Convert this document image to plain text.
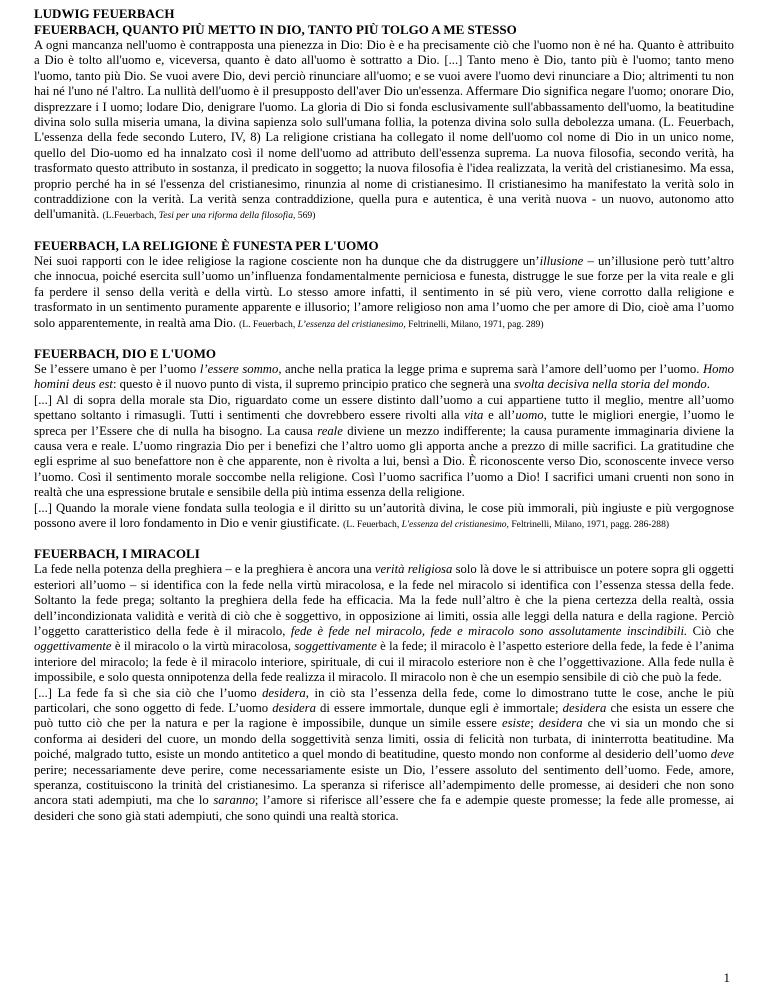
LUDWIG FEUERBACH
FEUERBACH, QUANTO PIÙ METTO IN DIO, TANTO PIÙ TOLGO A ME STESSO

A ogni mancanza nell'uomo è contrapposta una pienezza in Dio: Dio è e ha precisamente ciò che l'uomo non è né ha. Quanto è attribuito a Dio è tolto all'uomo e, viceversa, quanto è dato all'uomo è sottratto a Dio. [...] Tanto meno è Dio, tanto più è l'uomo; tanto meno l'uomo, tanto più Dio. Se vuoi avere Dio, devi perciò rinunciare all'uomo; e se vuoi avere l'uomo devi rinunciare a Dio; altrimenti tu non hai né l'uno né l'altro. La nullità dell'uomo è il presupposto dell'aver Dio un'essenza. Affermare Dio significa negare l'uomo; onorare Dio, disprezzare i I uomo; lodare Dio, denigrare l'uomo. La gloria di Dio si fonda esclusivamente sull'abbassamento dell'uomo, la beatitudine divina solo sulla miseria umana, la divina sapienza solo sull'umana follia, la potenza divina solo sulla debolezza umana. (L. Feuerbach, L'essenza della fede secondo Lutero, IV, 8) La religione cristiana ha collegato il nome dell'uomo col nome di Dio in un unico nome, quello del Dio-uomo ed ha innalzato così il nome dell'uomo ad attributo dell'essenza suprema. La nuova filosofia, secondo verità, ha trasformato questo attributo in sostanza, il predicato in soggetto; la nuova filosofia è l'idea realizzata, la verità del cristianesimo. Ma essa, proprio perché ha in sé l'essenza del cristianesimo, rinunzia al nome di cristianesimo. Il cristianesimo ha manifestato la verità solo in contraddizione con la verità. La verità senza contraddizione, quella pura e autentica, è una verità nuova - un nuovo, autonomo atto dell'umanità. (L.Feuerbach, Tesi per una riforma della filosofia, 569)

FEUERBACH, LA RELIGIONE È FUNESTA PER L'UOMO

Nei suoi rapporti con le idee religiose la ragione cosciente non ha dunque che da distruggere un’illusione – un’illusione però tutt’altro che innocua, poiché esercita sull’uomo un’influenza fondamentalmente perniciosa e funesta, distrugge le sue forze per la vita reale e gli fa perdere il senso della verità e della virtù. Lo stesso amore infatti, il sentimento in sé più vero, viene corrotto dalla religione e trasformato in un sentimento puramente apparente e illusorio; l’amore religioso non ama l’uomo che per amore di Dio, cioè ama l’uomo solo apparentemente, in realtà ama Dio. (L. Feuerbach, L’essenza del cristianesimo, Feltrinelli, Milano, 1971, pag. 289)

FEUERBACH, DIO E L'UOMO

Se l’essere umano è per l’uomo l’essere sommo, anche nella pratica la legge prima e suprema sarà l’amore dell’uomo per l’uomo. Homo homini deus est: questo è il nuovo punto di vista, il supremo principio pratico che segnerà una svolta decisiva nella storia del mondo.

[...] Al di sopra della morale sta Dio, riguardato come un essere distinto dall’uomo a cui appartiene tutto il meglio, mentre all’uomo spettano soltanto i rimasugli. Tutti i sentimenti che dovrebbero essere rivolti alla vita e all’uomo, tutte le migliori energie, l’uomo le spreca per l’Essere che di nulla ha bisogno. La causa reale diviene un mezzo indifferente; la causa puramente immaginaria diviene la causa vera e reale. L’uomo ringrazia Dio per i benefizi che l’altro uomo gli apporta anche a prezzo di mille sacrifici. La gratitudine che egli esprime al suo benefattore non è che apparente, non è rivolta a lui, bensì a Dio. È riconoscente verso Dio, sconoscente invece verso l’uomo. Così il sentimento morale soccombe nella religione. Così l’uomo sacrifica l’uomo a Dio! I sacrifici umani cruenti non sono in realtà che una espressione brutale e sensibile della più intima essenza della religione.

[...] Quando la morale viene fondata sulla teologia e il diritto su un’autorità divina, le cose più immorali, più ingiuste e più vergognose possono avere il loro fondamento in Dio e venir giustificate. (L. Feuerbach, L'essenza del cristianesimo, Feltrinelli, Milano, 1971, pagg. 286-288)

FEUERBACH, I MIRACOLI

La fede nella potenza della preghiera – e la preghiera è ancora una verità religiosa solo là dove le si attribuisce un potere sopra gli oggetti esteriori all’uomo – si identifica con la fede nella virtù miracolosa, e la fede nel miracolo si identifica con l’essenza stessa della fede. Soltanto la fede prega; soltanto la preghiera della fede ha efficacia. Ma la fede null’altro è che la piena certezza della realtà, ossia dell’incondizionata validità e verità di ciò che è soggettivo, in opposizione ai limiti, ossia alle leggi della natura e della ragione. Perciò l’oggetto caratteristico della fede è il miracolo, fede è fede nel miracolo, fede e miracolo sono assolutamente inscindibili. Ciò che oggettivamente è il miracolo o la virtù miracolosa, soggettivamente è la fede; il miracolo è l’aspetto esteriore della fede, la fede è l’anima interiore del miracolo; la fede è il miracolo interiore, spirituale, di cui il miracolo esteriore non è che l’oggettivazione. Alla fede nulla è impossibile, e solo questa onnipotenza della fede realizza il miracolo. Il miracolo non è che un esempio sensibile di ciò che può la fede.

[...] La fede fa sì che sia ciò che l’uomo desidera, in ciò sta l’essenza della fede, come lo dimostrano tutte le cose, anche le più particolari, che sono oggetto di fede. L’uomo desidera di essere immortale, dunque egli è immortale; desidera che esista un essere che può tutto ciò che per la natura e per la ragione è impossibile, dunque un simile essere esiste; desidera che vi sia un mondo che si conforma ai desideri del cuore, un mondo della soggettività senza limiti, ossia di felicità non turbata, di ininterrotta beatitudine. Ma poiché, malgrado tutto, esiste un mondo antitetico a quel mondo di beatitudine, questo mondo non conforme al desiderio dell’uomo deve perire; necessariamente deve perire, come necessariamente esiste un Dio, l’essere assoluto del sentimento dell’uomo. Fede, amore, speranza, costituiscono la trinità del cristianesimo. La speranza si riferisce all’adempimento delle promesse, ai desideri che non sono ancora stati adempiuti, ma che lo saranno; l’amore si riferisce all’essere che fa e adempie queste promesse; la fede alle promesse, ai desideri che sono già stati adempiuti, che sono quindi una realtà storica.

1
